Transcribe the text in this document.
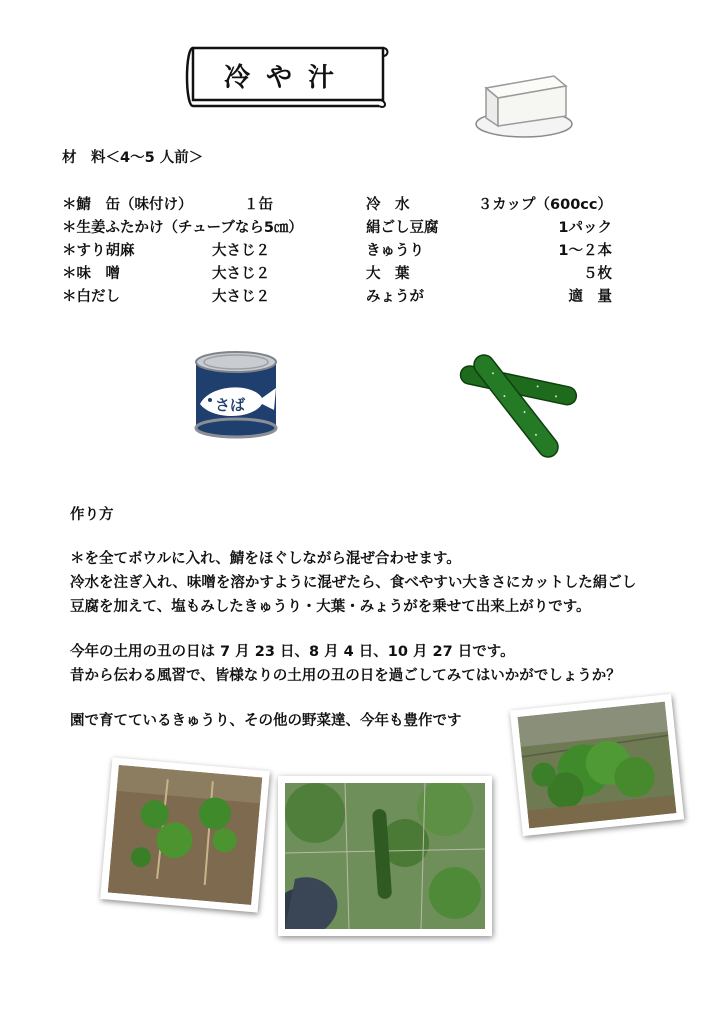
冷や汁
材　料＜4～5 人前＞
＊鯖　缶（味付け）	１缶
＊生姜ふたかけ（チューブなら5㎝）
＊すり胡麻	大さじ２
＊味　噌	大さじ２
＊白だし	大さじ２
冷　水	３カップ（600cc）
絹ごし豆腐	1パック
きゅうり	1～２本
大　葉	５枚
みょうが	適　量
さば
作り方
＊を全てボウルに入れ、鯖をほぐしながら混ぜ合わせます。
冷水を注ぎ入れ、味噌を溶かすように混ぜたら、食べやすい大きさにカットした絹ごし
豆腐を加えて、塩もみしたきゅうり・大葉・みょうがを乗せて出来上がりです。
今年の土用の丑の日は 7 月 23 日、8 月 4 日、10 月 27 日です。
昔から伝わる風習で、皆様なりの土用の丑の日を過ごしてみてはいかがでしょうか？
園で育てているきゅうり、その他の野菜達、今年も豊作です
